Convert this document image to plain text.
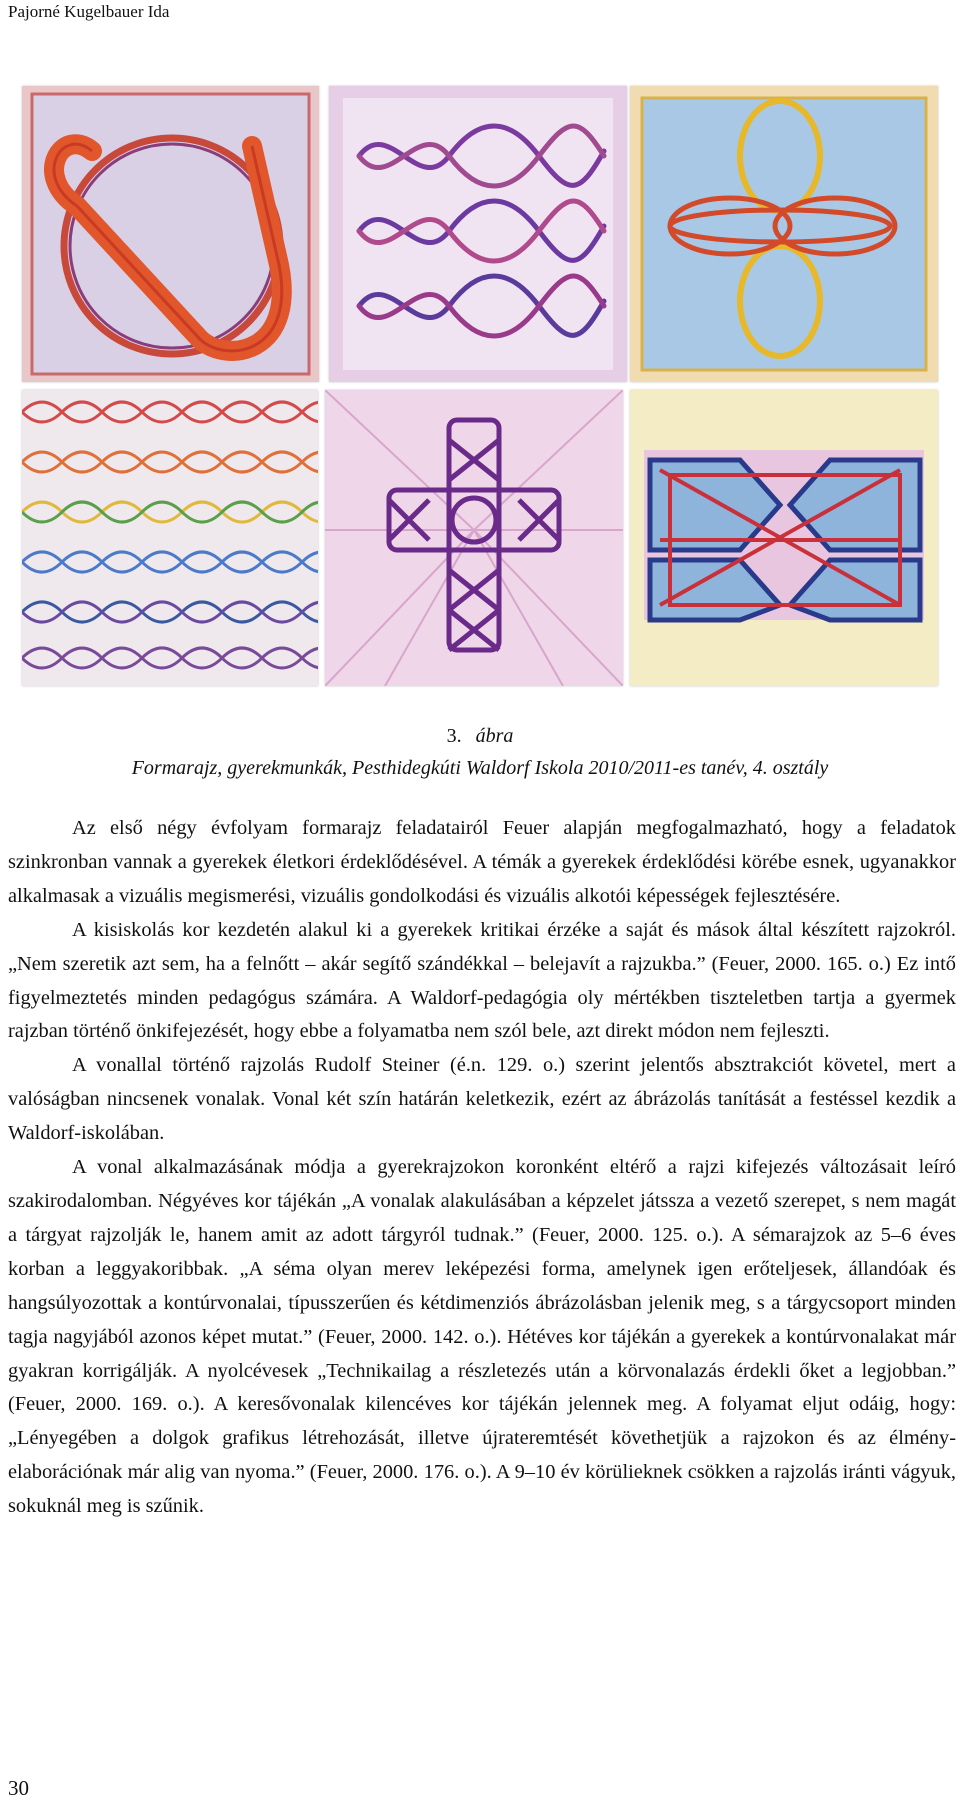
Pajorné Kugelbauer Ida
3. ábra
Formarajz, gyerekmunkák, Pesthidegkúti Waldorf Iskola 2010/2011-es tanév, 4. osztály

Az első négy évfolyam formarajz feladatairól Feuer alapján megfogalmazható, hogy a feladatok szinkronban vannak a gyerekek életkori érdeklődésével. A témák a gyerekek érdeklődési körébe esnek, ugyanakkor alkalmasak a vizuális megismerési, vizuális gondolkodási és vizuális alkotói képességek fejlesztésére.

A kisiskolás kor kezdetén alakul ki a gyerekek kritikai érzéke a saját és mások által készített rajzokról. „Nem szeretik azt sem, ha a felnőtt – akár segítő szándékkal – belejavít a rajzukba.” (Feuer, 2000. 165. o.) Ez intő figyelmeztetés minden pedagógus számára. A Waldorf-pedagógia oly mértékben tiszteletben tartja a gyermek rajzban történő önkifejezését, hogy ebbe a folyamatba nem szól bele, azt direkt módon nem fejleszti.

A vonallal történő rajzolás Rudolf Steiner (é.n. 129. o.) szerint jelentős absztrakciót követel, mert a valóságban nincsenek vonalak. Vonal két szín határán keletkezik, ezért az ábrázolás tanítását a festéssel kezdik a Waldorf-iskolában.

A vonal alkalmazásának módja a gyerekrajzokon koronként eltérő a rajzi kifejezés változásait leíró szakirodalomban. Négyéves kor tájékán „A vonalak alakulásában a képzelet játssza a vezető szerepet, s nem magát a tárgyat rajzolják le, hanem amit az adott tárgyról tudnak.” (Feuer, 2000. 125. o.). A sémarajzok az 5–6 éves korban a leggyakoribbak. „A séma olyan merev leképezési forma, amelynek igen erőteljesek, állandóak és hangsúlyozottak a kontúrvonalai, típusszerűen és kétdimenziós ábrázolásban jelenik meg, s a tárgycsoport minden tagja nagyjából azonos képet mutat.” (Feuer, 2000. 142. o.). Hétéves kor tájékán a gyerekek a kontúrvonalakat már gyakran korrigálják. A nyolcévesek „Technikailag a részletezés után a körvonalazás érdekli őket a legjobban.” (Feuer, 2000. 169. o.). A keresővonalak kilencéves kor tájékán jelennek meg. A folyamat eljut odáig, hogy: „Lényegében a dolgok grafikus létrehozását, illetve újrateremtését követhetjük a rajzokon és az élmény-elaborációnak már alig van nyoma.” (Feuer, 2000. 176. o.). A 9–10 év körülieknek csökken a rajzolás iránti vágyuk, sokuknál meg is szűnik.

30
